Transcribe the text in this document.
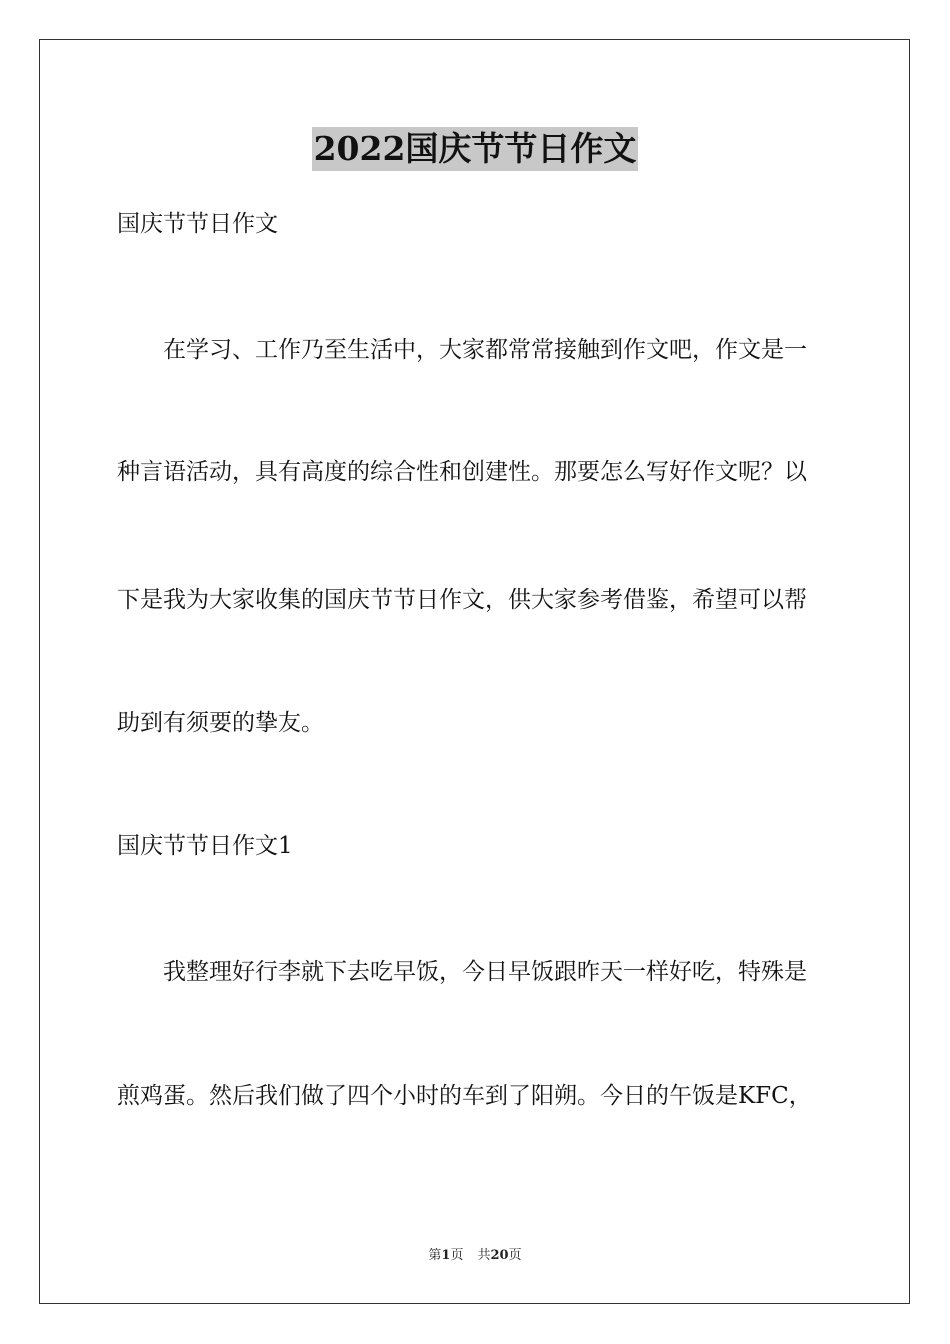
2022国庆节节日作文
国庆节节日作文
在学习、工作乃至生活中，大家都常常接触到作文吧，作文是一
种言语活动，具有高度的综合性和创建性。那要怎么写好作文呢？以
下是我为大家收集的国庆节节日作文，供大家参考借鉴，希望可以帮
助到有须要的挚友。
国庆节节日作文1
我整理好行李就下去吃早饭，今日早饭跟昨天一样好吃，特殊是
煎鸡蛋。然后我们做了四个小时的车到了阳朔。今日的午饭是KFC，
第1页 共20页
